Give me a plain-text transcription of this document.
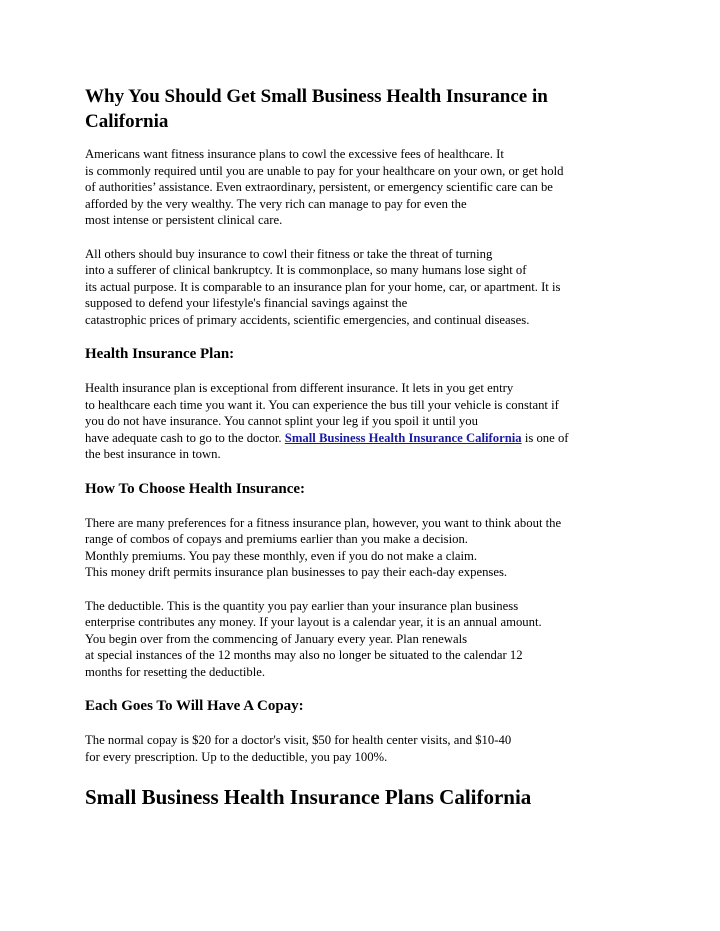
Why You Should Get Small Business Health Insurance in
California
Americans want fitness insurance plans to cowl the excessive fees of healthcare. It
is commonly required until you are unable to pay for your healthcare on your own, or get hold
of authorities’ assistance. Even extraordinary, persistent, or emergency scientific care can be
afforded by the very wealthy. The very rich can manage to pay for even the
most intense or persistent clinical care.
All others should buy insurance to cowl their fitness or take the threat of turning
into a sufferer of clinical bankruptcy. It is commonplace, so many humans lose sight of
its actual purpose. It is comparable to an insurance plan for your home, car, or apartment. It is
supposed to defend your lifestyle's financial savings against the
catastrophic prices of primary accidents, scientific emergencies, and continual diseases.
Health Insurance Plan:
Health insurance plan is exceptional from different insurance. It lets in you get entry
to healthcare each time you want it. You can experience the bus till your vehicle is constant if
you do not have insurance. You cannot splint your leg if you spoil it until you
have adequate cash to go to the doctor. Small Business Health Insurance California is one of
the best insurance in town.
How To Choose Health Insurance:
There are many preferences for a fitness insurance plan, however, you want to think about the
range of combos of copays and premiums earlier than you make a decision.
Monthly premiums. You pay these monthly, even if you do not make a claim.
This money drift permits insurance plan businesses to pay their each-day expenses.
The deductible. This is the quantity you pay earlier than your insurance plan business
enterprise contributes any money. If your layout is a calendar year, it is an annual amount.
You begin over from the commencing of January every year. Plan renewals
at special instances of the 12 months may also no longer be situated to the calendar 12
months for resetting the deductible.
Each Goes To Will Have A Copay:
The normal copay is $20 for a doctor's visit, $50 for health center visits, and $10-40
for every prescription. Up to the deductible, you pay 100%.
Small Business Health Insurance Plans California
